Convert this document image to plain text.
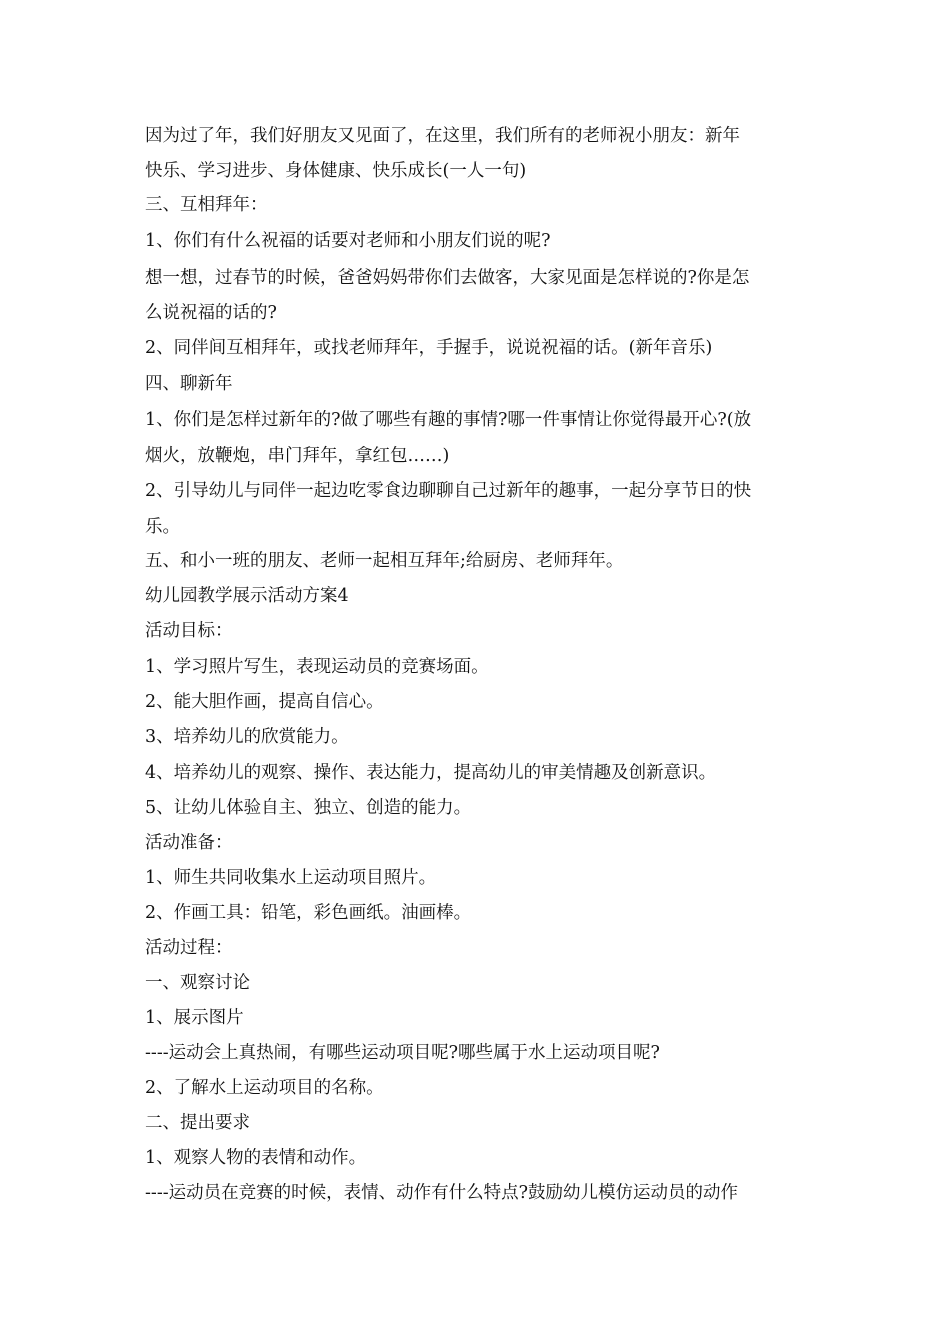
因为过了年，我们好朋友又见面了，在这里，我们所有的老师祝小朋友：新年

快乐、学习进步、身体健康、快乐成长(一人一句)

三、互相拜年：

1、你们有什么祝福的话要对老师和小朋友们说的呢?

想一想，过春节的时候，爸爸妈妈带你们去做客，大家见面是怎样说的?你是怎

么说祝福的话的?

2、同伴间互相拜年，或找老师拜年，手握手，说说祝福的话。(新年音乐)

四、聊新年

1、你们是怎样过新年的?做了哪些有趣的事情?哪一件事情让你觉得最开心?(放

烟火，放鞭炮，串门拜年，拿红包……)

2、引导幼儿与同伴一起边吃零食边聊聊自己过新年的趣事，一起分享节日的快

乐。

五、和小一班的朋友、老师一起相互拜年;给厨房、老师拜年。

幼儿园教学展示活动方案4

活动目标：

1、学习照片写生，表现运动员的竞赛场面。

2、能大胆作画，提高自信心。

3、培养幼儿的欣赏能力。

4、培养幼儿的观察、操作、表达能力，提高幼儿的审美情趣及创新意识。

5、让幼儿体验自主、独立、创造的能力。

活动准备：

1、师生共同收集水上运动项目照片。

2、作画工具：铅笔，彩色画纸。油画棒。

活动过程：

一、观察讨论

1、展示图片

----运动会上真热闹，有哪些运动项目呢?哪些属于水上运动项目呢?

2、了解水上运动项目的名称。

二、提出要求

1、观察人物的表情和动作。

----运动员在竞赛的时候，表情、动作有什么特点?鼓励幼儿模仿运动员的动作
